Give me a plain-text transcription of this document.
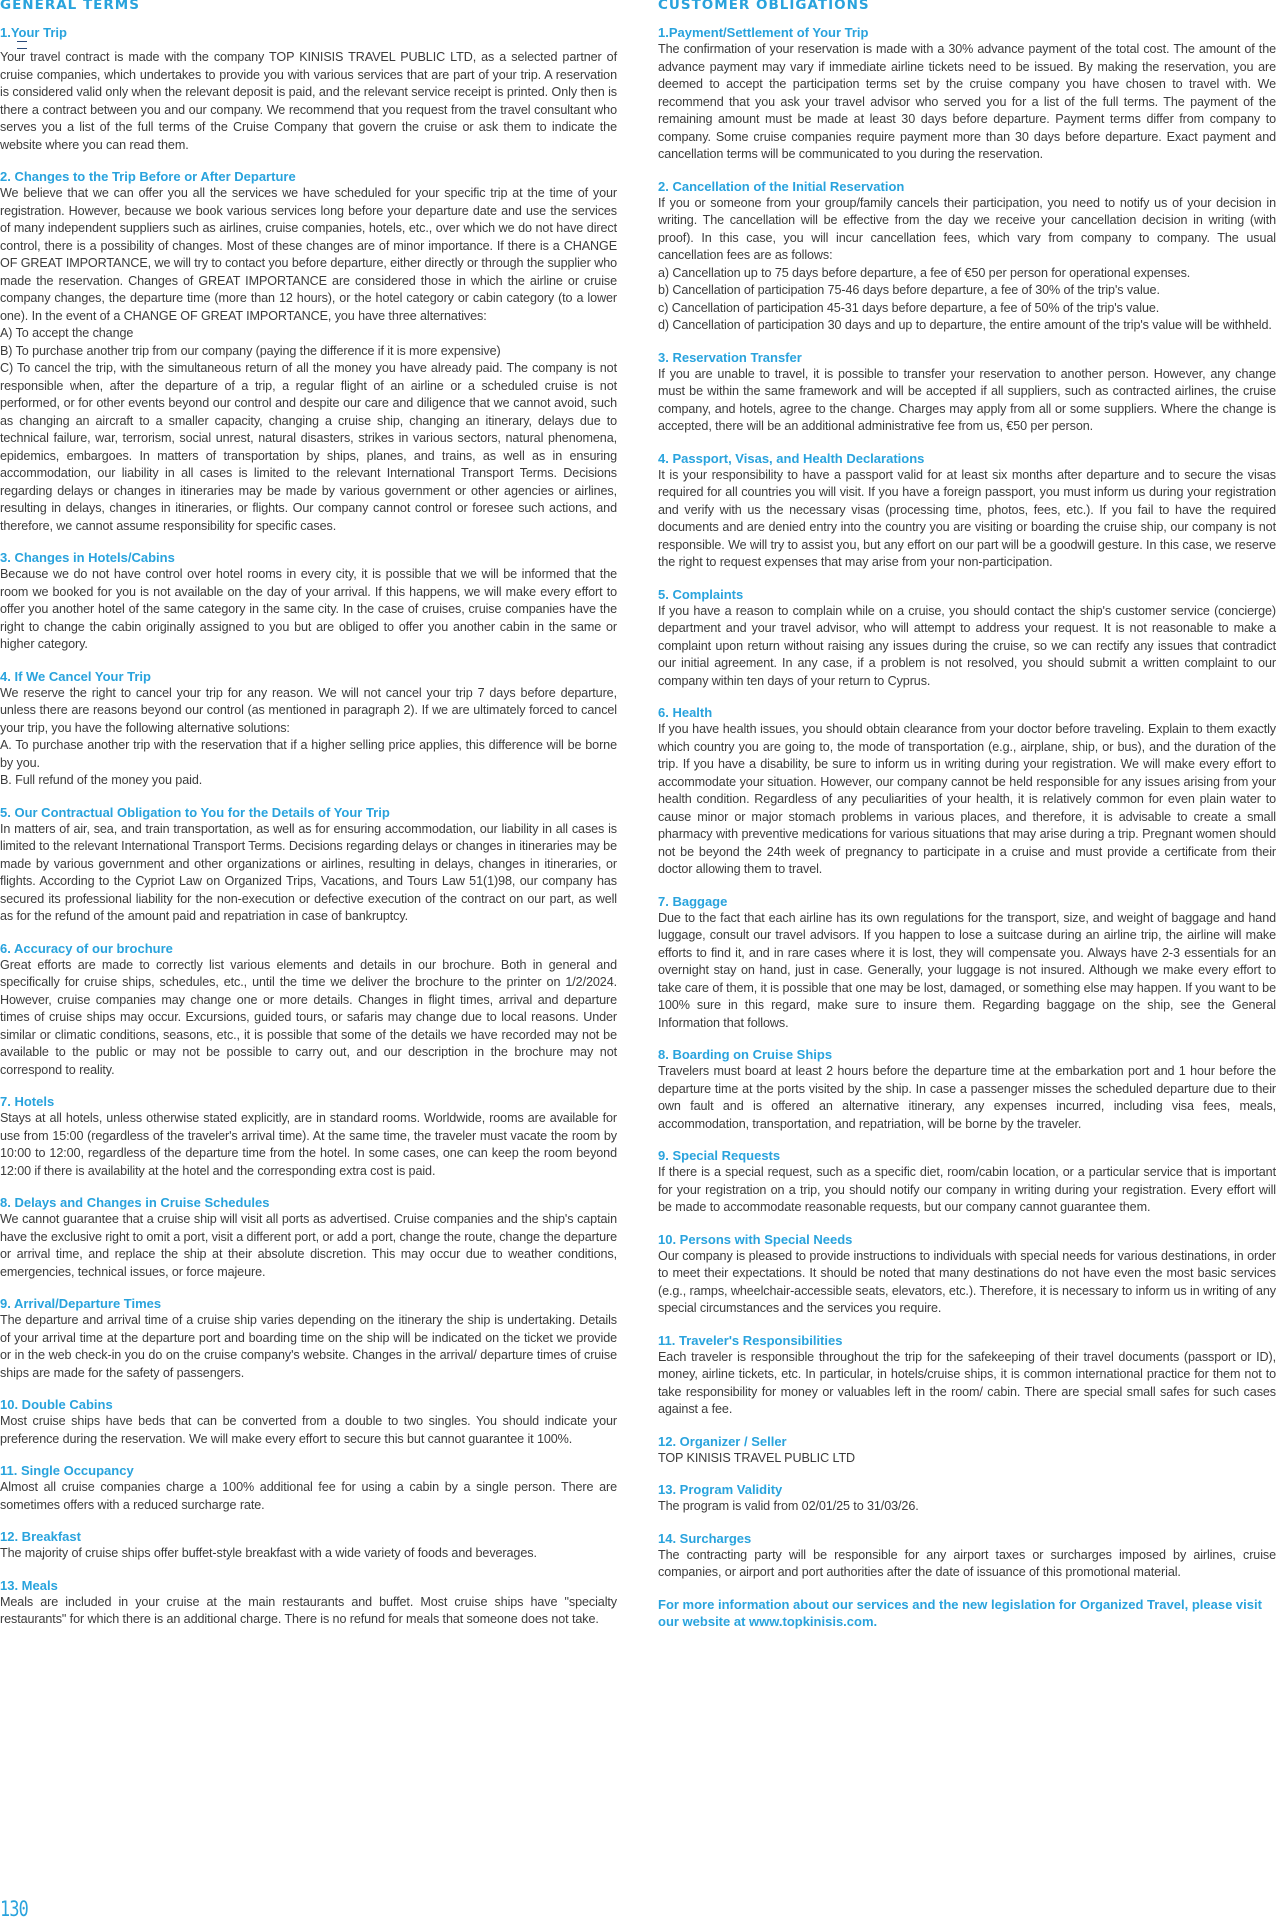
GENERAL TERMS
1.Your Trip
Your travel contract is made with the company TOP KINISIS TRAVEL PUBLIC LTD, as a selected partner of cruise companies, which undertakes to provide you with various services that are part of your trip. A reservation is considered valid only when the relevant deposit is paid, and the relevant service receipt is printed. Only then is there a contract between you and our company. We recommend that you request from the travel consultant who serves you a list of the full terms of the Cruise Company that govern the cruise or ask them to indicate the website where you can read them.
2. Changes to the Trip Before or After Departure
We believe that we can offer you all the services we have scheduled for your specific trip at the time of your registration. However, because we book various services long before your departure date and use the services of many independent suppliers such as airlines, cruise companies, hotels, etc., over which we do not have direct control, there is a possibility of changes. Most of these changes are of minor importance. If there is a CHANGE OF GREAT IMPORTANCE, we will try to contact you before departure, either directly or through the supplier who made the reservation. Changes of GREAT IMPORTANCE are considered those in which the airline or cruise company changes, the departure time (more than 12 hours), or the hotel category or cabin category (to a lower one). In the event of a CHANGE OF GREAT IMPORTANCE, you have three alternatives:
A) To accept the change
B) To purchase another trip from our company (paying the difference if it is more expensive)
C) To cancel the trip, with the simultaneous return of all the money you have already paid. The company is not responsible when, after the departure of a trip, a regular flight of an airline or a scheduled cruise is not performed, or for other events beyond our control and despite our care and diligence that we cannot avoid, such as changing an aircraft to a smaller capacity, changing a cruise ship, changing an itinerary, delays due to technical failure, war, terrorism, social unrest, natural disasters, strikes in various sectors, natural phenomena, epidemics, embargoes. In matters of transportation by ships, planes, and trains, as well as in ensuring accommodation, our liability in all cases is limited to the relevant International Transport Terms. Decisions regarding delays or changes in itineraries may be made by various government or other agencies or airlines, resulting in delays, changes in itineraries, or flights. Our company cannot control or foresee such actions, and therefore, we cannot assume responsibility for specific cases.
3. Changes in Hotels/Cabins
Because we do not have control over hotel rooms in every city, it is possible that we will be informed that the room we booked for you is not available on the day of your arrival. If this happens, we will make every effort to offer you another hotel of the same category in the same city. In the case of cruises, cruise companies have the right to change the cabin originally assigned to you but are obliged to offer you another cabin in the same or higher category.
4. If We Cancel Your Trip
We reserve the right to cancel your trip for any reason. We will not cancel your trip 7 days before departure, unless there are reasons beyond our control (as mentioned in paragraph 2). If we are ultimately forced to cancel your trip, you have the following alternative solutions:
A. To purchase another trip with the reservation that if a higher selling price applies, this difference will be borne by you.
B. Full refund of the money you paid.
5. Our Contractual Obligation to You for the Details of Your Trip
In matters of air, sea, and train transportation, as well as for ensuring accommodation, our liability in all cases is limited to the relevant International Transport Terms. Decisions regarding delays or changes in itineraries may be made by various government and other organizations or airlines, resulting in delays, changes in itineraries, or flights. According to the Cypriot Law on Organized Trips, Vacations, and Tours Law 51(1)98, our company has secured its professional liability for the non-execution or defective execution of the contract on our part, as well as for the refund of the amount paid and repatriation in case of bankruptcy.
6. Accuracy of our brochure
Great efforts are made to correctly list various elements and details in our brochure. Both in general and specifically for cruise ships, schedules, etc., until the time we deliver the brochure to the printer on 1/2/2024. However, cruise companies may change one or more details. Changes in flight times, arrival and departure times of cruise ships may occur. Excursions, guided tours, or safaris may change due to local reasons. Under similar or climatic conditions, seasons, etc., it is possible that some of the details we have recorded may not be available to the public or may not be possible to carry out, and our description in the brochure may not correspond to reality.
7. Hotels
Stays at all hotels, unless otherwise stated explicitly, are in standard rooms. Worldwide, rooms are available for use from 15:00 (regardless of the traveler's arrival time). At the same time, the traveler must vacate the room by 10:00 to 12:00, regardless of the departure time from the hotel. In some cases, one can keep the room beyond 12:00 if there is availability at the hotel and the corresponding extra cost is paid.
8. Delays and Changes in Cruise Schedules
We cannot guarantee that a cruise ship will visit all ports as advertised. Cruise companies and the ship's captain have the exclusive right to omit a port, visit a different port, or add a port, change the route, change the departure or arrival time, and replace the ship at their absolute discretion. This may occur due to weather conditions, emergencies, technical issues, or force majeure.
9. Arrival/Departure Times
The departure and arrival time of a cruise ship varies depending on the itinerary the ship is undertaking. Details of your arrival time at the departure port and boarding time on the ship will be indicated on the ticket we provide or in the web check-in you do on the cruise company's website. Changes in the arrival/ departure times of cruise ships are made for the safety of passengers.
10. Double Cabins
Most cruise ships have beds that can be converted from a double to two singles. You should indicate your preference during the reservation. We will make every effort to secure this but cannot guarantee it 100%.
11. Single Occupancy
Almost all cruise companies charge a 100% additional fee for using a cabin by a single person. There are sometimes offers with a reduced surcharge rate.
12. Breakfast
The majority of cruise ships offer buffet-style breakfast with a wide variety of foods and beverages.
13. Meals
Meals are included in your cruise at the main restaurants and buffet. Most cruise ships have "specialty restaurants" for which there is an additional charge. There is no refund for meals that someone does not take.
CUSTOMER OBLIGATIONS
1.Payment/Settlement of Your Trip
The confirmation of your reservation is made with a 30% advance payment of the total cost. The amount of the advance payment may vary if immediate airline tickets need to be issued. By making the reservation, you are deemed to accept the participation terms set by the cruise company you have chosen to travel with. We recommend that you ask your travel advisor who served you for a list of the full terms. The payment of the remaining amount must be made at least 30 days before departure. Payment terms differ from company to company. Some cruise companies require payment more than 30 days before departure. Exact payment and cancellation terms will be communicated to you during the reservation.
2. Cancellation of the Initial Reservation
If you or someone from your group/family cancels their participation, you need to notify us of your decision in writing. The cancellation will be effective from the day we receive your cancellation decision in writing (with proof). In this case, you will incur cancellation fees, which vary from company to company. The usual cancellation fees are as follows:
a) Cancellation up to 75 days before departure, a fee of €50 per person for operational expenses.
b) Cancellation of participation 75-46 days before departure, a fee of 30% of the trip's value.
c) Cancellation of participation 45-31 days before departure, a fee of 50% of the trip's value.
d) Cancellation of participation 30 days and up to departure, the entire amount of the trip's value will be withheld.
3. Reservation Transfer
If you are unable to travel, it is possible to transfer your reservation to another person. However, any change must be within the same framework and will be accepted if all suppliers, such as contracted airlines, the cruise company, and hotels, agree to the change. Charges may apply from all or some suppliers. Where the change is accepted, there will be an additional administrative fee from us, €50 per person.
4. Passport, Visas, and Health Declarations
It is your responsibility to have a passport valid for at least six months after departure and to secure the visas required for all countries you will visit. If you have a foreign passport, you must inform us during your registration and verify with us the necessary visas (processing time, photos, fees, etc.). If you fail to have the required documents and are denied entry into the country you are visiting or boarding the cruise ship, our company is not responsible. We will try to assist you, but any effort on our part will be a goodwill gesture. In this case, we reserve the right to request expenses that may arise from your non-participation.
5. Complaints
If you have a reason to complain while on a cruise, you should contact the ship's customer service (concierge) department and your travel advisor, who will attempt to address your request. It is not reasonable to make a complaint upon return without raising any issues during the cruise, so we can rectify any issues that contradict our initial agreement. In any case, if a problem is not resolved, you should submit a written complaint to our company within ten days of your return to Cyprus.
6. Health
If you have health issues, you should obtain clearance from your doctor before traveling. Explain to them exactly which country you are going to, the mode of transportation (e.g., airplane, ship, or bus), and the duration of the trip. If you have a disability, be sure to inform us in writing during your registration. We will make every effort to accommodate your situation. However, our company cannot be held responsible for any issues arising from your health condition. Regardless of any peculiarities of your health, it is relatively common for even plain water to cause minor or major stomach problems in various places, and therefore, it is advisable to create a small pharmacy with preventive medications for various situations that may arise during a trip. Pregnant women should not be beyond the 24th week of pregnancy to participate in a cruise and must provide a certificate from their doctor allowing them to travel.
7. Baggage
Due to the fact that each airline has its own regulations for the transport, size, and weight of baggage and hand luggage, consult our travel advisors. If you happen to lose a suitcase during an airline trip, the airline will make efforts to find it, and in rare cases where it is lost, they will compensate you. Always have 2-3 essentials for an overnight stay on hand, just in case. Generally, your luggage is not insured. Although we make every effort to take care of them, it is possible that one may be lost, damaged, or something else may happen. If you want to be 100% sure in this regard, make sure to insure them. Regarding baggage on the ship, see the General Information that follows.
8. Boarding on Cruise Ships
Travelers must board at least 2 hours before the departure time at the embarkation port and 1 hour before the departure time at the ports visited by the ship. In case a passenger misses the scheduled departure due to their own fault and is offered an alternative itinerary, any expenses incurred, including visa fees, meals, accommodation, transportation, and repatriation, will be borne by the traveler.
9. Special Requests
If there is a special request, such as a specific diet, room/cabin location, or a particular service that is important for your registration on a trip, you should notify our company in writing during your registration. Every effort will be made to accommodate reasonable requests, but our company cannot guarantee them.
10. Persons with Special Needs
Our company is pleased to provide instructions to individuals with special needs for various destinations, in order to meet their expectations. It should be noted that many destinations do not have even the most basic services (e.g., ramps, wheelchair-accessible seats, elevators, etc.). Therefore, it is necessary to inform us in writing of any special circumstances and the services you require.
11. Traveler's Responsibilities
Each traveler is responsible throughout the trip for the safekeeping of their travel documents (passport or ID), money, airline tickets, etc. In particular, in hotels/cruise ships, it is common international practice for them not to take responsibility for money or valuables left in the room/ cabin. There are special small safes for such cases against a fee.
12. Organizer / Seller
TOP KINISIS TRAVEL PUBLIC LTD
13. Program Validity
The program is valid from 02/01/25 to 31/03/26.
14. Surcharges
The contracting party will be responsible for any airport taxes or surcharges imposed by airlines, cruise companies, or airport and port authorities after the date of issuance of this promotional material.
For more information about our services and the new legislation for Organized Travel, please visit our website at www.topkinisis.com.
130
